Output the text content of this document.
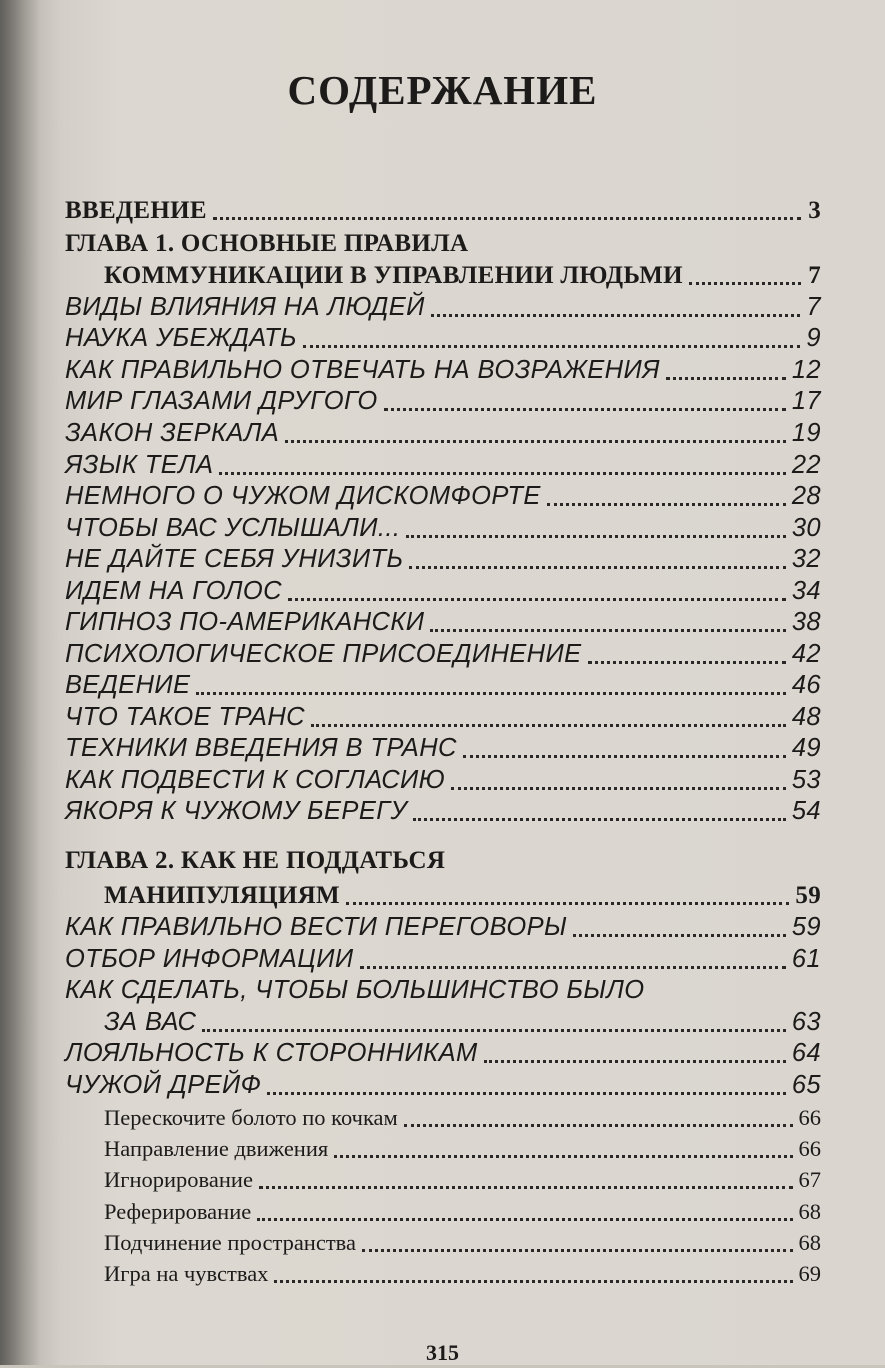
СОДЕРЖАНИЕ
ВВЕДЕНИЕ	3
ГЛАВА 1. ОСНОВНЫЕ ПРАВИЛА
КОММУНИКАЦИИ В УПРАВЛЕНИИ ЛЮДЬМИ	7
ВИДЫ ВЛИЯНИЯ НА ЛЮДЕЙ	7
НАУКА УБЕЖДАТЬ	9
КАК ПРАВИЛЬНО ОТВЕЧАТЬ НА ВОЗРАЖЕНИЯ	12
МИР ГЛАЗАМИ ДРУГОГО	17
ЗАКОН ЗЕРКАЛА	19
ЯЗЫК ТЕЛА	22
НЕМНОГО О ЧУЖОМ ДИСКОМФОРТЕ	28
ЧТОБЫ ВАС УСЛЫШАЛИ...	30
НЕ ДАЙТЕ СЕБЯ УНИЗИТЬ	32
ИДЕМ НА ГОЛОС	34
ГИПНОЗ ПО-АМЕРИКАНСКИ	38
ПСИХОЛОГИЧЕСКОЕ ПРИСОЕДИНЕНИЕ	42
ВЕДЕНИЕ	46
ЧТО ТАКОЕ ТРАНС	48
ТЕХНИКИ ВВЕДЕНИЯ В ТРАНС	49
КАК ПОДВЕСТИ К СОГЛАСИЮ	53
ЯКОРЯ К ЧУЖОМУ БЕРЕГУ	54
ГЛАВА 2. КАК НЕ ПОДДАТЬСЯ
МАНИПУЛЯЦИЯМ	59
КАК ПРАВИЛЬНО ВЕСТИ ПЕРЕГОВОРЫ	59
ОТБОР ИНФОРМАЦИИ	61
КАК СДЕЛАТЬ, ЧТОБЫ БОЛЬШИНСТВО БЫЛО
ЗА ВАС	63
ЛОЯЛЬНОСТЬ К СТОРОННИКАМ	64
ЧУЖОЙ ДРЕЙФ	65
Перескочите болото по кочкам	66
Направление движения	66
Игнорирование	67
Реферирование	68
Подчинение пространства	68
Игра на чувствах	69
315
